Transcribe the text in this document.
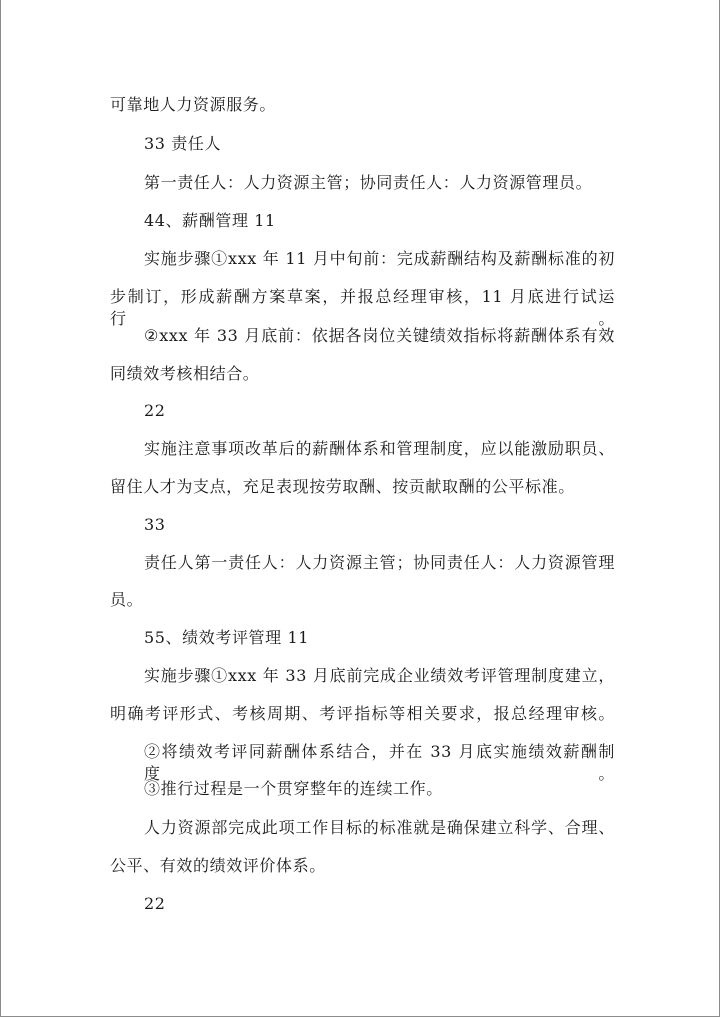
可靠地人力资源服务。
33 责任人
第一责任人：人力资源主管；协同责任人：人力资源管理员。
44、薪酬管理 11
实施步骤①xxx 年 11 月中旬前：完成薪酬结构及薪酬标准的初
步制订，形成薪酬方案草案，并报总经理审核，11 月底进行试运行。
②xxx 年 33 月底前：依据各岗位关键绩效指标将薪酬体系有效
同绩效考核相结合。
22
实施注意事项改革后的薪酬体系和管理制度，应以能激励职员、
留住人才为支点，充足表现按劳取酬、按贡献取酬的公平标准。
33
责任人第一责任人：人力资源主管；协同责任人：人力资源管理
员。
55、绩效考评管理 11
实施步骤①xxx 年 33 月底前完成企业绩效考评管理制度建立，
明确考评形式、考核周期、考评指标等相关要求，报总经理审核。
②将绩效考评同薪酬体系结合，并在 33 月底实施绩效薪酬制度。
③推行过程是一个贯穿整年的连续工作。
人力资源部完成此项工作目标的标准就是确保建立科学、合理、
公平、有效的绩效评价体系。
22
